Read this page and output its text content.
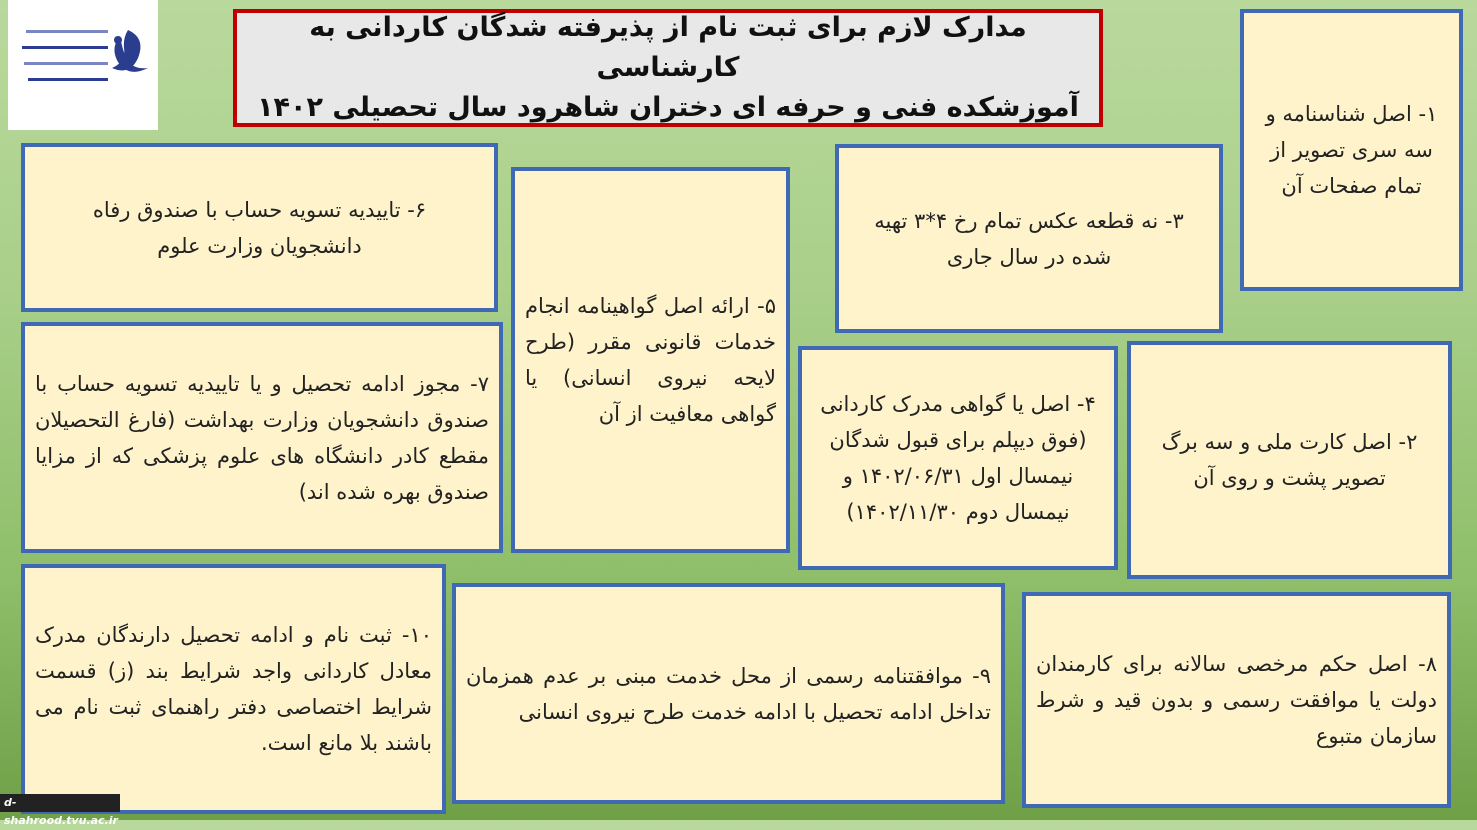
مدارک لازم برای ثبت نام از پذیرفته شدگان کاردانی به کارشناسی
آموزشکده فنی و حرفه ای دختران شاهرود سال تحصیلی ۱۴۰۲	۱- اصل شناسنامه و سه سری تصویر از تمام صفحات آن
۳- نه قطعه عکس تمام رخ ۴*۳ تهیه شده در سال جاری
۲- اصل کارت ملی و سه برگ تصویر پشت و روی آن
۴- اصل یا گواهی مدرک کاردانی (فوق دیپلم برای قبول شدگان نیمسال اول ۱۴۰۲/۰۶/۳۱ و نیمسال دوم ۱۴۰۲/۱۱/۳۰)
۵- ارائه اصل گواهینامه انجام خدمات قانونی مقرر (طرح لایحه نیروی انسانی) یا گواهی معافیت از آن
۶- تاییدیه تسویه حساب با صندوق رفاه دانشجویان وزارت علوم
۷- مجوز ادامه تحصیل و یا تاییدیه تسویه حساب با صندوق دانشجویان وزارت بهداشت (فارغ التحصیلان مقطع کادر دانشگاه های علوم پزشکی که از مزایا صندوق بهره شده اند)
۸- اصل حکم مرخصی سالانه برای کارمندان دولت یا موافقت رسمی و بدون قید و شرط سازمان متبوع
۹- موافقتنامه رسمی از محل خدمت مبنی بر عدم همزمان تداخل ادامه تحصیل با ادامه خدمت طرح نیروی انسانی
۱۰- ثبت نام و ادامه تحصیل دارندگان مدرک معادل کاردانی واجد شرایط بند (ز) قسمت شرایط اختصاصی دفتر راهنمای ثبت نام می باشند بلا مانع است.
d-shahrood.tvu.ac.ir
